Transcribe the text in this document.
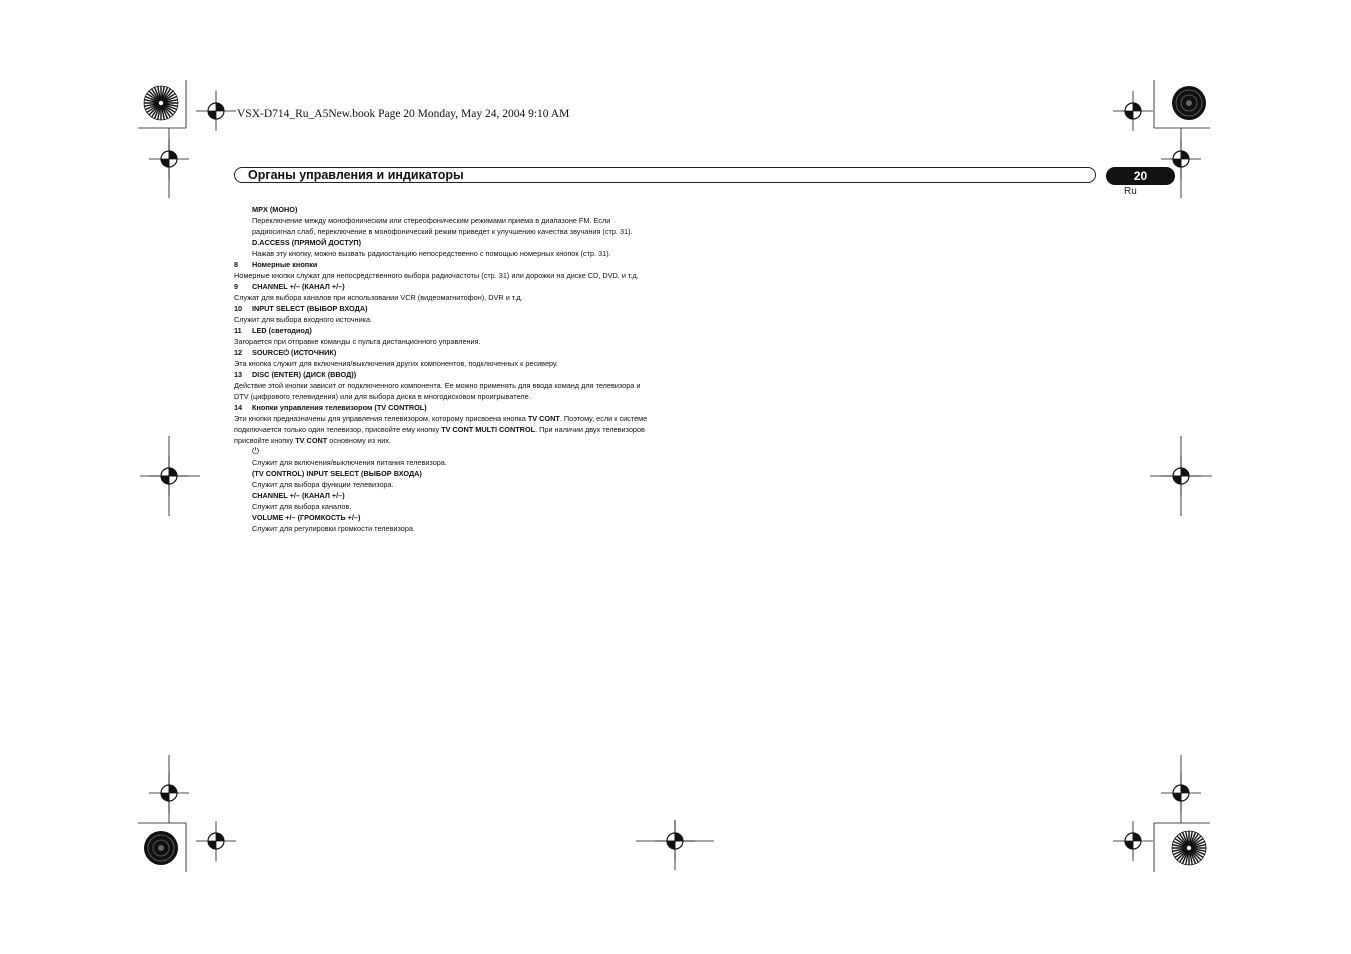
VSX-D714_Ru_A5New.book Page 20 Monday, May 24, 2004 9:10 AM
Органы управления и индикаторы	20
Ru
MPX (МОНО)
Переключение между монофоническим или стереофоническим режимами приема в диапазоне FM. Если радиосигнал слаб, переключение в монофонический режим приведет к улучшению качества звучания (стр. 31).
D.ACCESS (ПРЯМОЙ ДОСТУП)
Нажав эту кнопку, можно вызвать радиостанцию непосредственно с помощью номерных кнопок (стр. 31).
8 Номерные кнопки
Номерные кнопки служат для непосредственного выбора радиочастоты (стр. 31) или дорожки на диске CD, DVD, и т.д.
9 CHANNEL +/– (КАНАЛ +/–)
Служат для выбора каналов при использовании VCR (видеомагнитофон), DVR и т.д.
10 INPUT SELECT (ВЫБОР ВХОДА)
Служит для выбора входного источника.
11 LED (светодиод)
Загорается при отправке команды с пульта дистанционного управления.
12 SOURCE⏻ (ИСТОЧНИК)
Эта кнопка служит для включения/выключения других компонентов, подключенных к ресиверу.
13 DISC (ENTER) (ДИСК (ВВОД))
Действие этой кнопки зависит от подключенного компонента. Ее можно применять для ввода команд для телевизора и DTV (цифрового телевидения) или для выбора диска в многодисковом проигрывателе.
14 Кнопки управления телевизором (TV CONTROL)
Эти кнопки предназначены для управления телевизором, которому присвоена кнопка TV CONT. Поэтому, если к системе подключается только один телевизор, присвойте ему кнопку TV CONT MULTI CONTROL. При наличии двух телевизоров присвойте кнопку TV CONT основному из них.
⏻
Служит для включения/выключения питания телевизора.
(TV CONTROL) INPUT SELECT (ВЫБОР ВХОДА)
Служит для выбора функции телевизора.
CHANNEL +/– (КАНАЛ +/–)
Служит для выбора каналов.
VOLUME +/– (ГРОМКОСТЬ +/–)
Служит для регулировки громкости телевизора.
